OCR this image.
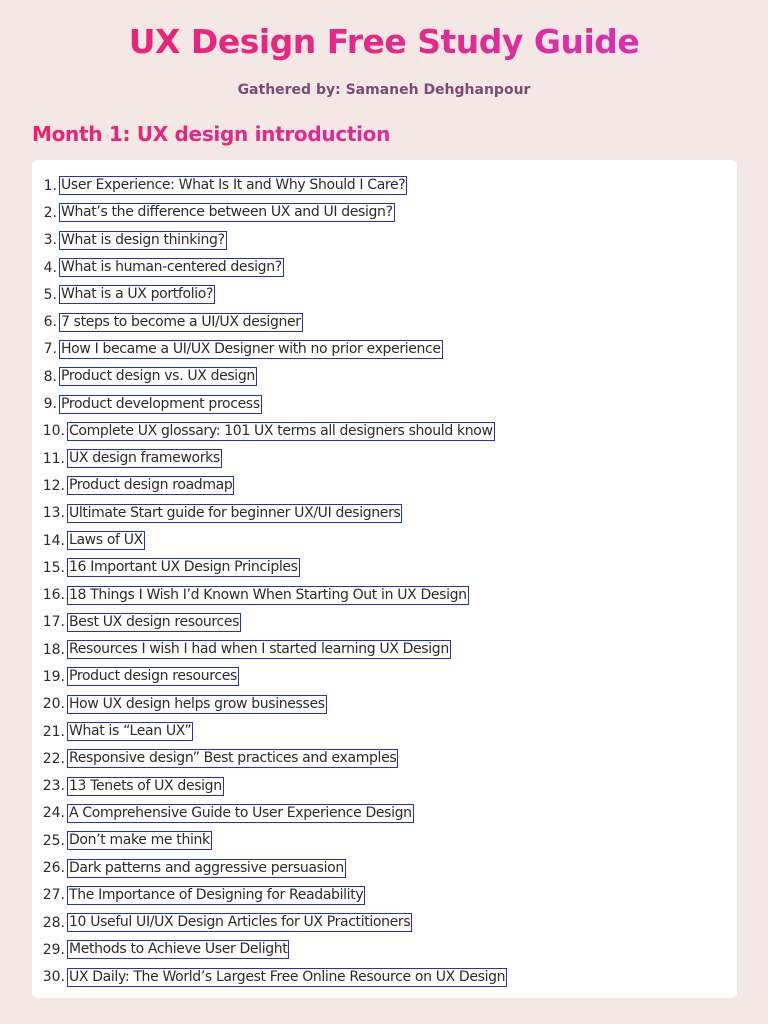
UX Design Free Study Guide
Gathered by: Samaneh Dehghanpour
Month 1: UX design introduction
1. User Experience: What Is It and Why Should I Care?
2. What’s the difference between UX and UI design?
3. What is design thinking?
4. What is human-centered design?
5. What is a UX portfolio?
6. 7 steps to become a UI/UX designer
7. How I became a UI/UX Designer with no prior experience
8. Product design vs. UX design
9. Product development process
10. Complete UX glossary: 101 UX terms all designers should know
11. UX design frameworks
12. Product design roadmap
13. Ultimate Start guide for beginner UX/UI designers
14. Laws of UX
15. 16 Important UX Design Principles
16. 18 Things I Wish I’d Known When Starting Out in UX Design
17. Best UX design resources
18. Resources I wish I had when I started learning UX Design
19. Product design resources
20. How UX design helps grow businesses
21. What is “Lean UX”
22. Responsive design” Best practices and examples
23. 13 Tenets of UX design
24. A Comprehensive Guide to User Experience Design
25. Don’t make me think
26. Dark patterns and aggressive persuasion
27. The Importance of Designing for Readability
28. 10 Useful UI/UX Design Articles for UX Practitioners
29. Methods to Achieve User Delight
30. UX Daily: The World’s Largest Free Online Resource on UX Design
